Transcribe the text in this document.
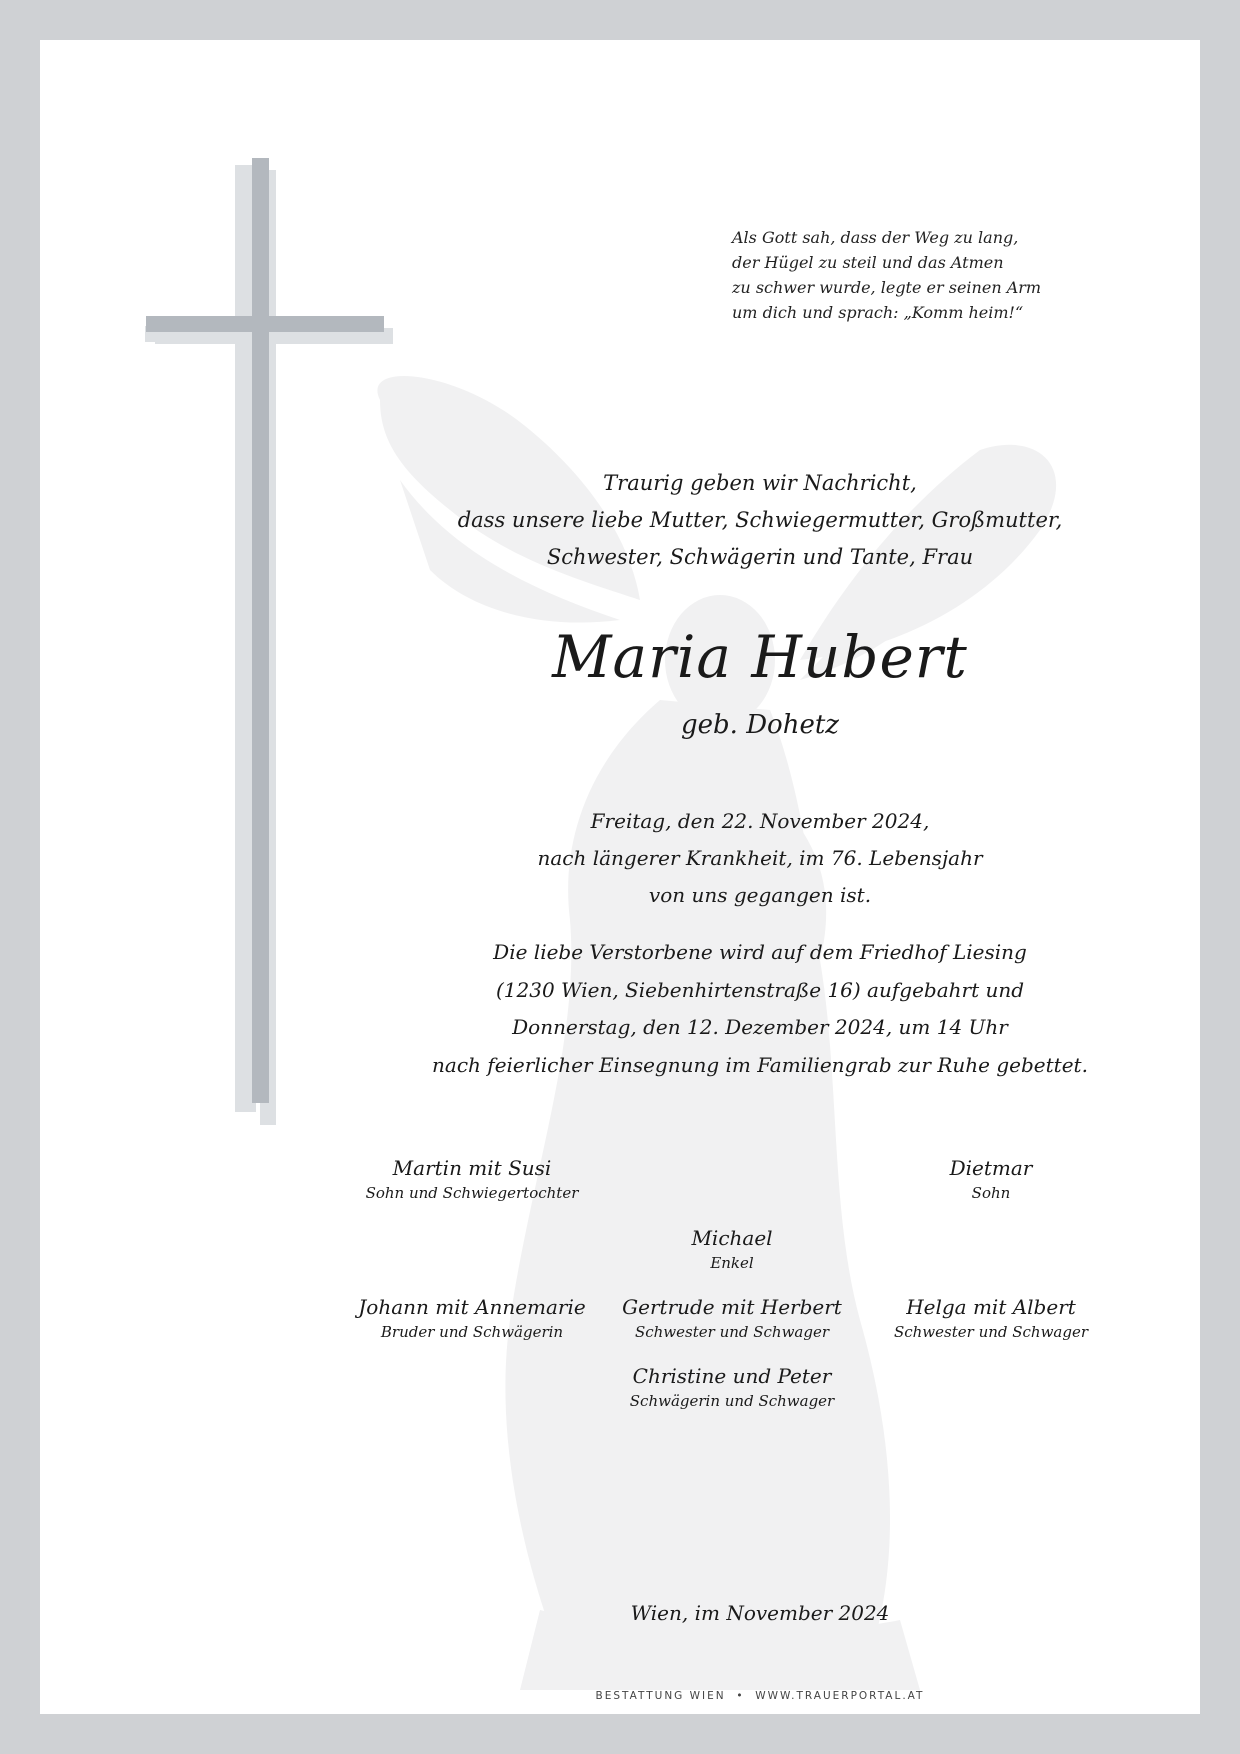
Als Gott sah, dass der Weg zu lang,
der Hügel zu steil und das Atmen
zu schwer wurde, legte er seinen Arm
um dich und sprach: „Komm heim!“
Traurig geben wir Nachricht,
dass unsere liebe Mutter, Schwiegermutter, Großmutter,
Schwester, Schwägerin und Tante, Frau
Maria Hubert
geb. Dohetz
Freitag, den 22. November 2024,
nach längerer Krankheit, im 76. Lebensjahr
von uns gegangen ist.
Die liebe Verstorbene wird auf dem Friedhof Liesing
(1230 Wien, Siebenhirtenstraße 16) aufgebahrt und
Donnerstag, den 12. Dezember 2024, um 14 Uhr
nach feierlicher Einsegnung im Familiengrab zur Ruhe gebettet.
Martin mit Susi
Sohn und Schwiegertochter
Dietmar
Sohn
Michael
Enkel
Johann mit Annemarie
Bruder und Schwägerin
Gertrude mit Herbert
Schwester und Schwager
Helga mit Albert
Schwester und Schwager
Christine und Peter
Schwägerin und Schwager
Wien, im November 2024
BESTATTUNG WIEN • WWW.TRAUERPORTAL.AT
